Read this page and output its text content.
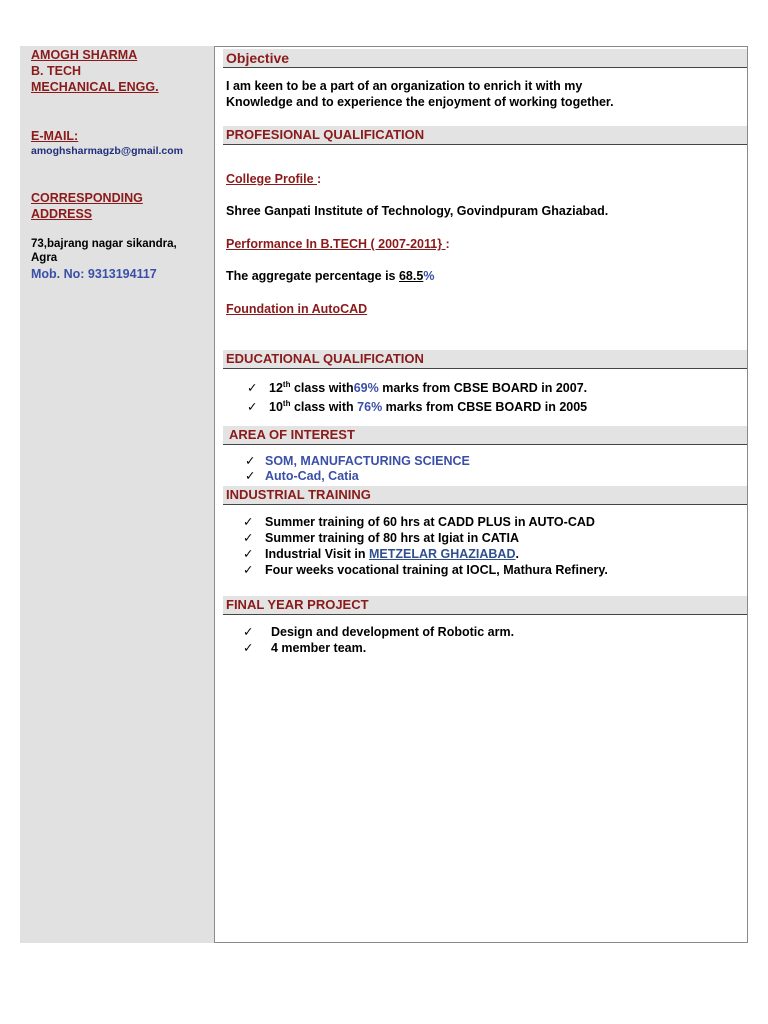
AMOGH SHARMA
B. TECH
MECHANICAL ENGG.
E-MAIL:
amoghsharmagzb@gmail.com
CORRESPONDING
ADDRESS
73,bajrang nagar sikandra,
Agra
Mob. No: 9313194117
Objective
I am keen to be a part of an organization to enrich it with my
Knowledge and to experience the enjoyment of working together.
PROFESIONAL QUALIFICATION
College Profile :
Shree Ganpati Institute of Technology, Govindpuram Ghaziabad.
Performance In B.TECH ( 2007-2011} :
The aggregate percentage is 68.5%
Foundation in AutoCAD
EDUCATIONAL QUALIFICATION
✓ 12th class with69% marks from CBSE BOARD in 2007.
✓ 10th class with 76% marks from CBSE BOARD in 2005
AREA OF INTEREST
✓ SOM, MANUFACTURING SCIENCE
✓ Auto-Cad, Catia
INDUSTRIAL TRAINING
✓ Summer training of 60 hrs at CADD PLUS in AUTO-CAD
✓ Summer training of 80 hrs at Igiat in CATIA
✓ Industrial Visit in METZELAR GHAZIABAD.
✓ Four weeks vocational training at IOCL, Mathura Refinery.
FINAL YEAR PROJECT
✓ Design and development of Robotic arm.
✓ 4 member team.
